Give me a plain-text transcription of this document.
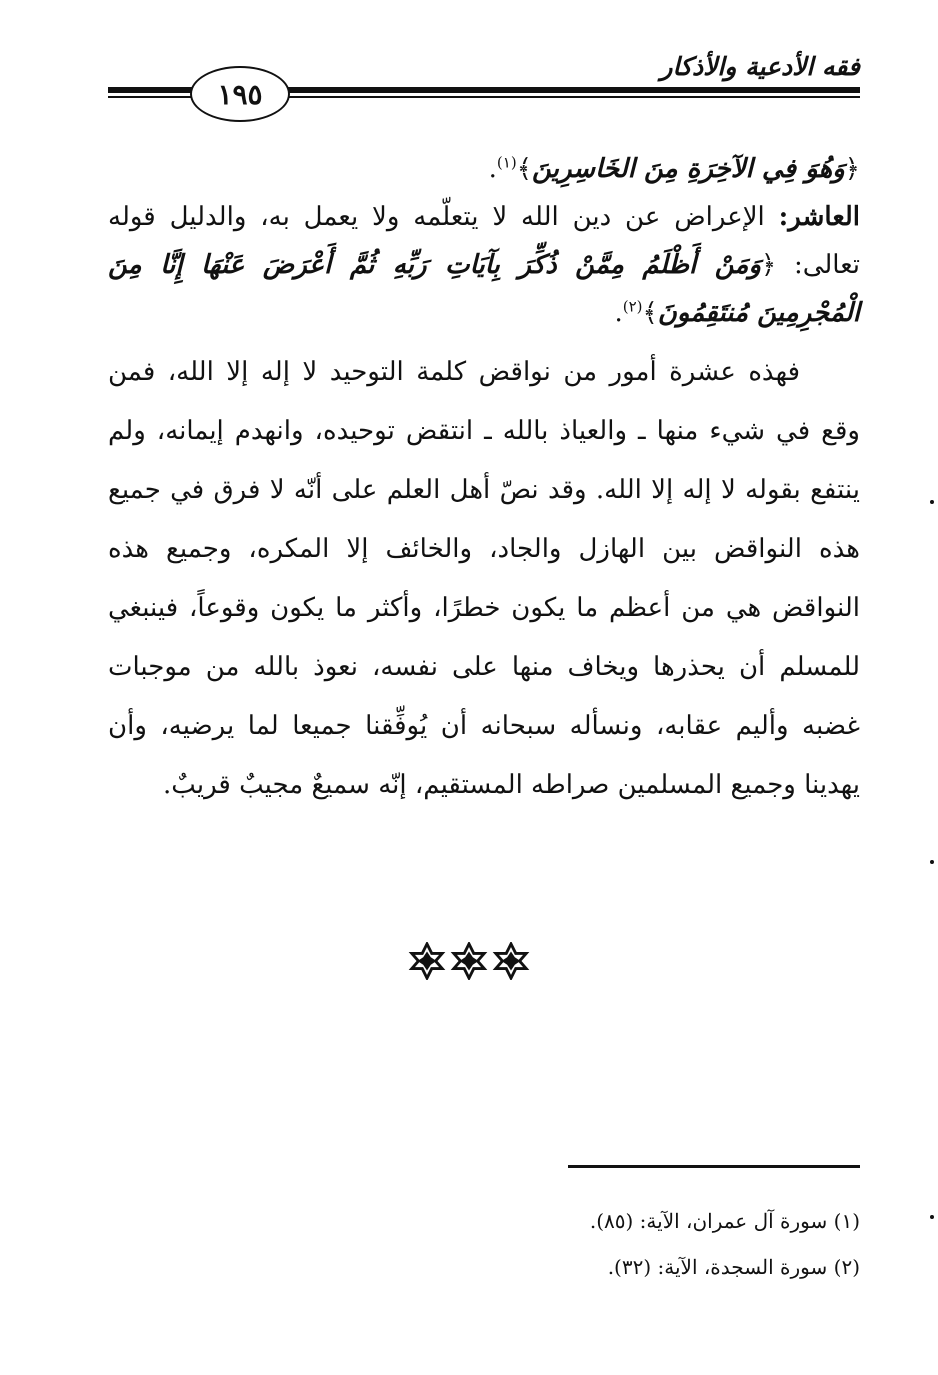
فقه الأدعية والأذكار
١٩٥

﴿وَهُوَ فِي الآخِرَةِ مِنَ الخَاسِرِينَ﴾$^{(١)}$.

العاشر: الإعراض عن دين الله لا يتعلّمه ولا يعمل به، والدليل قوله تعالى: ﴿وَمَنْ أَظْلَمُ مِمَّنْ ذُكِّرَ بِآيَاتِ رَبِّهِ ثُمَّ أَعْرَضَ عَنْهَا إِنَّا مِنَ الْمُجْرِمِينَ مُنتَقِمُونَ﴾$^{(٢)}$.

فهذه عشرة أمور من نواقض كلمة التوحيد لا إله إلا الله، فمن وقع في شيء منها ـ والعياذ بالله ـ انتقض توحيده، وانهدم إيمانه، ولم ينتفع بقوله لا إله إلا الله. وقد نصّ أهل العلم على أنّه لا فرق في جميع هذه النواقض بين الهازل والجاد، والخائف إلا المكره، وجميع هذه النواقض هي من أعظم ما يكون خطرًا، وأكثر ما يكون وقوعاً، فينبغي للمسلم أن يحذرها ويخاف منها على نفسه، نعوذ بالله من موجبات غضبه وأليم عقابه، ونسأله سبحانه أن يُوفِّقنا جميعا لما يرضيه، وأن يهدينا وجميع المسلمين صراطه المستقيم، إنّه سميعٌ مجيبٌ قريبٌ.

(١) سورة آل عمران، الآية: (٨٥).
(٢) سورة السجدة، الآية: (٣٢).
